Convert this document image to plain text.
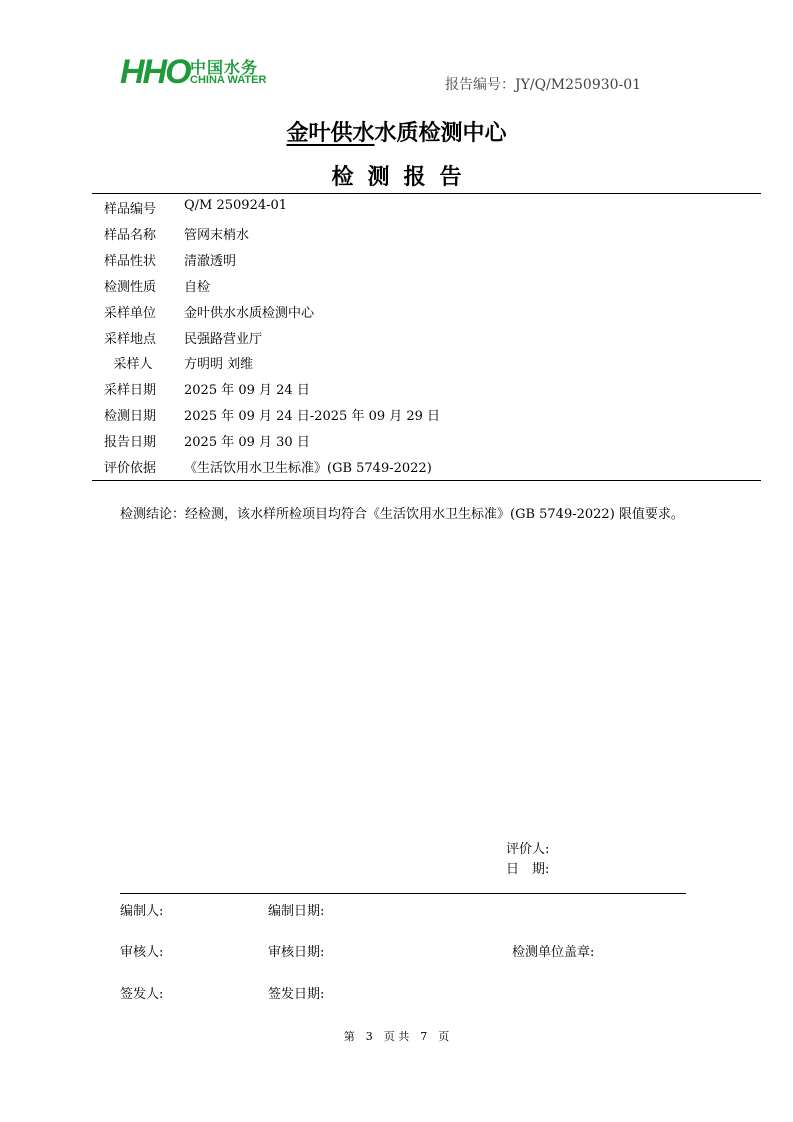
HHO 中国水务
CHINA WATER	报告编号：JY/Q/M250930-01
金叶供水水质检测中心
检测报告
样品编号	Q/M 250924-01
样品名称	管网末梢水
样品性状	清澈透明
检测性质	自检
采样单位	金叶供水水质检测中心
采样地点	民强路营业厅
采样人	方明明 刘维
采样日期	2025 年 09 月 24 日
检测日期	2025 年 09 月 24 日-2025 年 09 月 29 日
报告日期	2025 年 09 月 30 日
评价依据	《生活饮用水卫生标准》(GB 5749-2022)
检测结论：经检测，该水样所检项目均符合《生活饮用水卫生标准》(GB 5749-2022) 限值要求。
评价人:
日　期:
编制人:	编制日期:
审核人:	审核日期:	检测单位盖章:
签发人:	签发日期:
第　3　页 共　7　页
